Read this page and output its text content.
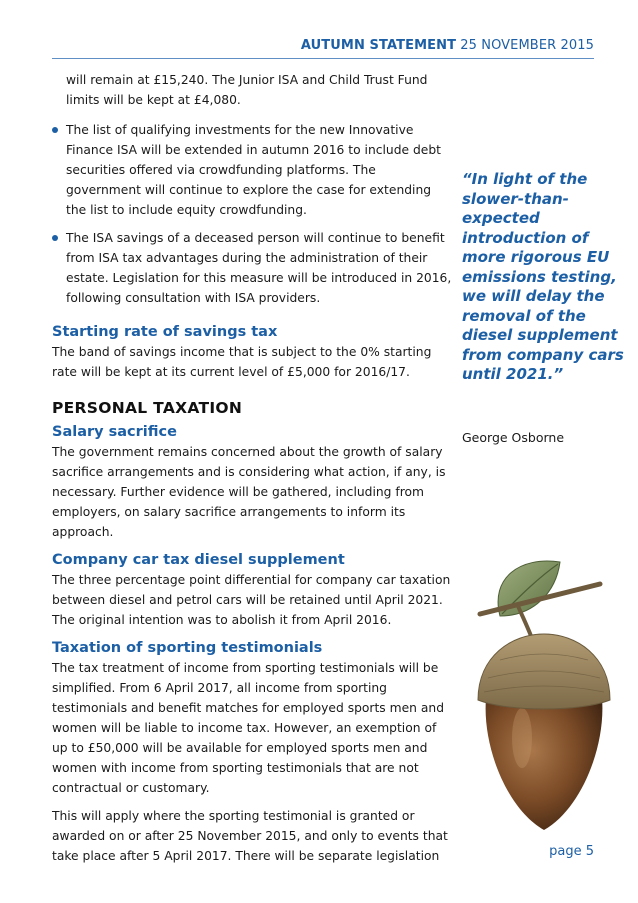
AUTUMN STATEMENT 25 NOVEMBER 2015

will remain at £15,240. The Junior ISA and Child Trust Fund limits will be kept at £4,080.

The list of qualifying investments for the new Innovative Finance ISA will be extended in autumn 2016 to include debt securities offered via crowdfunding platforms. The government will continue to explore the case for extending the list to include equity crowdfunding.

The ISA savings of a deceased person will continue to benefit from ISA tax advantages during the administration of their estate. Legislation for this measure will be introduced in 2016, following consultation with ISA providers.

Starting rate of savings tax

The band of savings income that is subject to the 0% starting rate will be kept at its current level of £5,000 for 2016/17.

PERSONAL TAXATION
Salary sacrifice

The government remains concerned about the growth of salary sacrifice arrangements and is considering what action, if any, is necessary. Further evidence will be gathered, including from employers, on salary sacrifice arrangements to inform its approach.

Company car tax diesel supplement

The three percentage point differential for company car taxation between diesel and petrol cars will be retained until April 2021. The original intention was to abolish it from April 2016.

Taxation of sporting testimonials

The tax treatment of income from sporting testimonials will be simplified. From 6 April 2017, all income from sporting testimonials and benefit matches for employed sports men and women will be liable to income tax. However, an exemption of up to £50,000 will be available for employed sports men and women with income from sporting testimonials that are not contractual or customary.

This will apply where the sporting testimonial is granted or awarded on or after 25 November 2015, and only to events that take place after 5 April 2017. There will be separate legislation

“In light of the slower-than-expected introduction of more rigorous EU emissions testing, we will delay the removal of the diesel supplement from company cars until 2021.”
George Osborne
page 5
